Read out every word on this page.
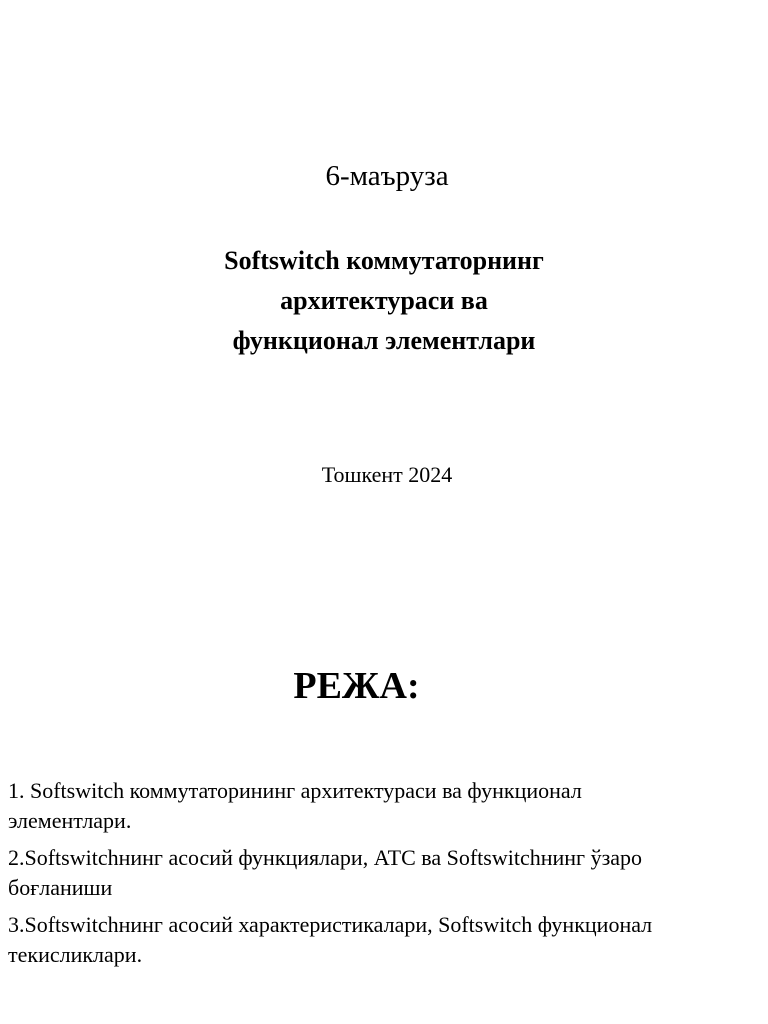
6-маъруза
Softswitch коммутаторнинг
архитектураси ва
функционал элементлари
Тошкент 2024
РЕЖА:
1. Softswitch коммутаторининг архитектураси ва функционал элементлари.
2.Softswitchнинг асосий функциялари, АТС ва Softswitchнинг ўзаро боғланиши
3.Softswitchнинг асосий характеристикалари, Softswitch функционал текисликлари.
